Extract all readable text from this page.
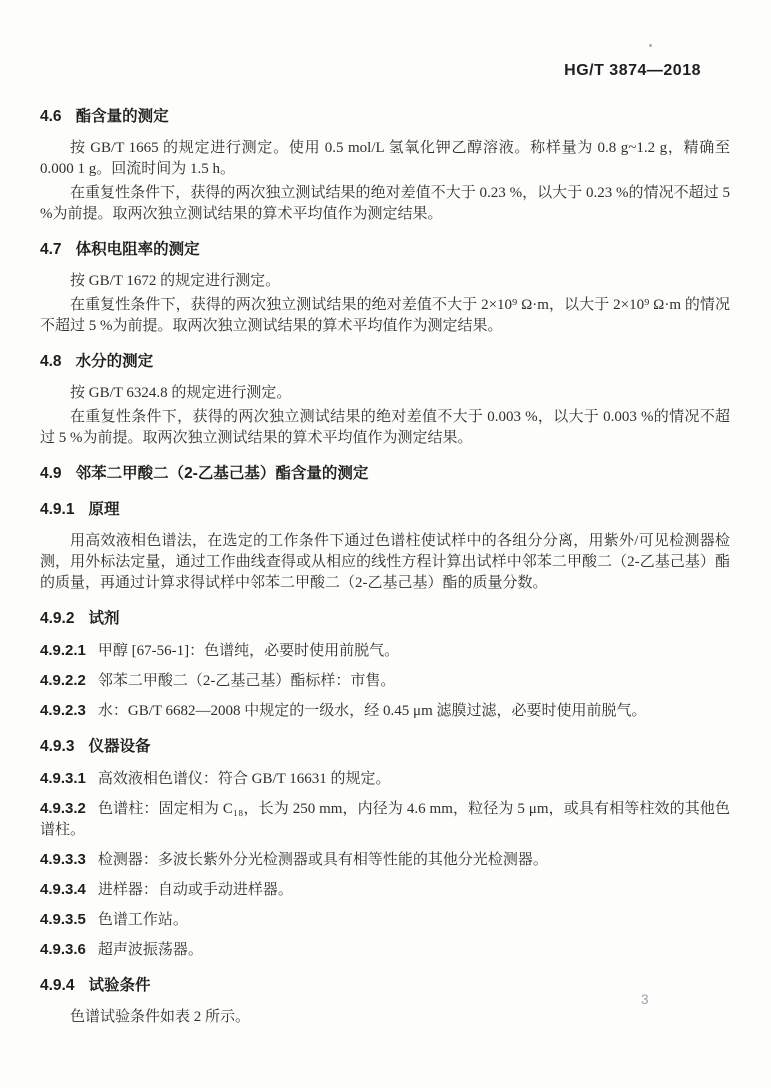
HG/T 3874—2018
4.6 酯含量的测定

按 GB/T 1665 的规定进行测定。使用 0.5 mol/L 氢氧化钾乙醇溶液。称样量为 0.8 g~1.2 g，精确至 0.000 1 g。回流时间为 1.5 h。

在重复性条件下，获得的两次独立测试结果的绝对差值不大于 0.23 %，以大于 0.23 %的情况不超过 5 %为前提。取两次独立测试结果的算术平均值作为测定结果。

4.7 体积电阻率的测定

按 GB/T 1672 的规定进行测定。

在重复性条件下，获得的两次独立测试结果的绝对差值不大于 2×10⁹ Ω·m，以大于 2×10⁹ Ω·m 的情况不超过 5 %为前提。取两次独立测试结果的算术平均值作为测定结果。

4.8 水分的测定

按 GB/T 6324.8 的规定进行测定。

在重复性条件下，获得的两次独立测试结果的绝对差值不大于 0.003 %，以大于 0.003 %的情况不超过 5 %为前提。取两次独立测试结果的算术平均值作为测定结果。

4.9 邻苯二甲酸二（2-乙基己基）酯含量的测定
4.9.1 原理

用高效液相色谱法，在选定的工作条件下通过色谱柱使试样中的各组分分离，用紫外/可见检测器检测，用外标法定量，通过工作曲线查得或从相应的线性方程计算出试样中邻苯二甲酸二（2-乙基己基）酯的质量，再通过计算求得试样中邻苯二甲酸二（2-乙基己基）酯的质量分数。

4.9.2 试剂

4.9.2.1 甲醇 [67-56-1]：色谱纯，必要时使用前脱气。

4.9.2.2 邻苯二甲酸二（2-乙基己基）酯标样：市售。

4.9.2.3 水：GB/T 6682—2008 中规定的一级水，经 0.45 μm 滤膜过滤，必要时使用前脱气。

4.9.3 仪器设备

4.9.3.1 高效液相色谱仪：符合 GB/T 16631 的规定。

4.9.3.2 色谱柱：固定相为 C₁₈，长为 250 mm，内径为 4.6 mm，粒径为 5 μm，或具有相等柱效的其他色谱柱。

4.9.3.3 检测器：多波长紫外分光检测器或具有相等性能的其他分光检测器。

4.9.3.4 进样器：自动或手动进样器。

4.9.3.5 色谱工作站。

4.9.3.6 超声波振荡器。

4.9.4 试验条件

色谱试验条件如表 2 所示。

3
